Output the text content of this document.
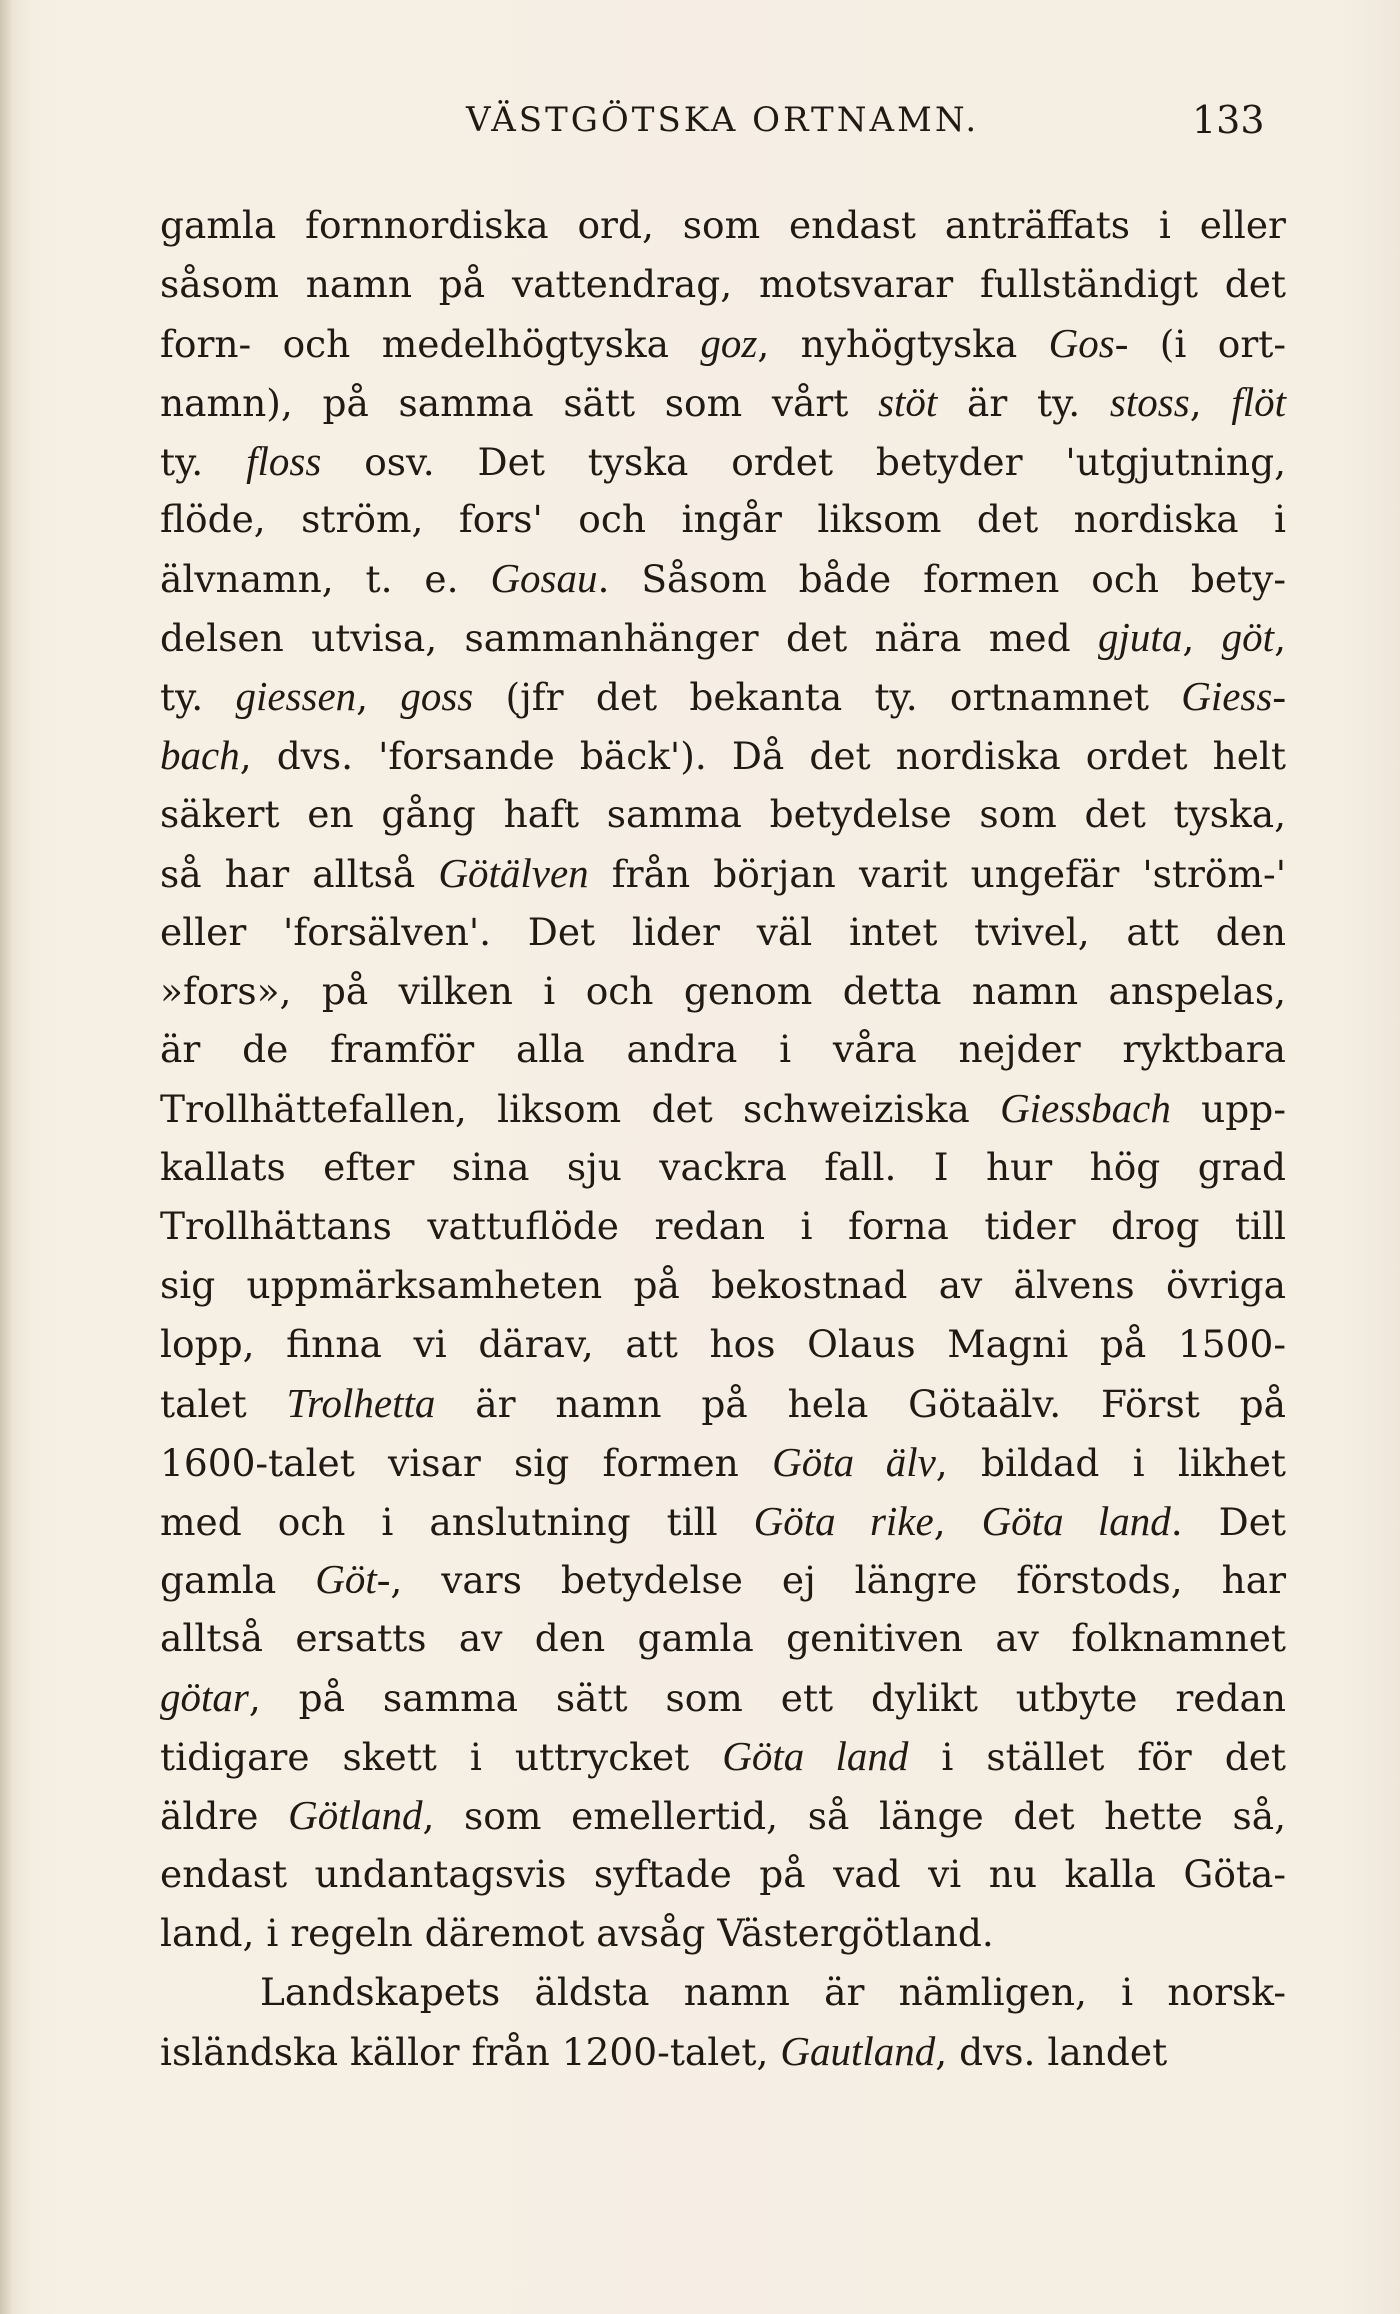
VÄSTGÖTSKA ORTNAMN.	133
gamla fornnordiska ord, som endast anträffats i eller
såsom namn på vattendrag, motsvarar fullständigt det
forn- och medelhögtyska goz, nyhögtyska Gos- (i ort-
namn), på samma sätt som vårt stöt är ty. stoss, flöt
ty. floss osv. Det tyska ordet betyder 'utgjutning,
flöde, ström, fors' och ingår liksom det nordiska i
älvnamn, t. e. Gosau. Såsom både formen och bety-
delsen utvisa, sammanhänger det nära med gjuta, göt,
ty. giessen, goss (jfr det bekanta ty. ortnamnet Giess-
bach, dvs. 'forsande bäck'). Då det nordiska ordet helt
säkert en gång haft samma betydelse som det tyska,
så har alltså Götälven från början varit ungefär 'ström-'
eller 'forsälven'. Det lider väl intet tvivel, att den
»fors», på vilken i och genom detta namn anspelas,
är de framför alla andra i våra nejder ryktbara
Trollhättefallen, liksom det schweiziska Giessbach upp-
kallats efter sina sju vackra fall. I hur hög grad
Trollhättans vattuflöde redan i forna tider drog till
sig uppmärksamheten på bekostnad av älvens övriga
lopp, finna vi därav, att hos Olaus Magni på 1500-
talet Trolhetta är namn på hela Götaälv. Först på
1600-talet visar sig formen Göta älv, bildad i likhet
med och i anslutning till Göta rike, Göta land. Det
gamla Göt-, vars betydelse ej längre förstods, har
alltså ersatts av den gamla genitiven av folknamnet
götar, på samma sätt som ett dylikt utbyte redan
tidigare skett i uttrycket Göta land i stället för det
äldre Götland, som emellertid, så länge det hette så,
endast undantagsvis syftade på vad vi nu kalla Göta-
land, i regeln däremot avsåg Västergötland.
Landskapets äldsta namn är nämligen, i norsk-
isländska källor från 1200-talet, Gautland, dvs. landet
